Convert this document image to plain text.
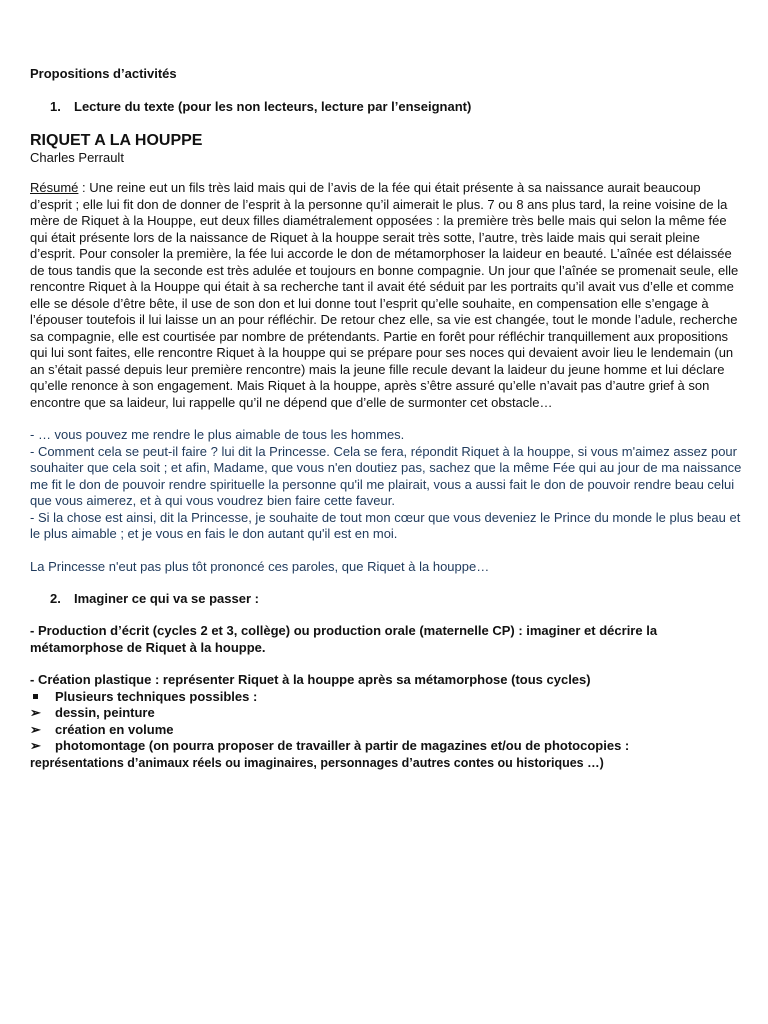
Propositions d’activités

1. Lecture du texte (pour les non lecteurs, lecture par l’enseignant)

RIQUET A LA HOUPPE

Charles Perrault

Résumé : Une reine eut un fils très laid mais qui de l’avis de la fée qui était présente à sa naissance aurait beaucoup d’esprit ; elle lui fit don de donner de l’esprit à la personne qu’il aimerait le plus. 7 ou 8 ans plus tard, la reine voisine de la mère de Riquet à la Houppe, eut deux filles diamétralement opposées : la première très belle mais qui selon la même fée qui était présente lors de la naissance de Riquet à la houppe serait très sotte, l’autre, très laide mais qui serait pleine d’esprit. Pour consoler la première, la fée lui accorde le don de métamorphoser la laideur en beauté. L’aînée est délaissée de tous tandis que la seconde est très adulée et toujours en bonne compagnie. Un jour que l’aînée se promenait seule, elle rencontre Riquet à la Houppe qui était à sa recherche tant il avait été séduit par les portraits qu’il avait vus d’elle et comme elle se désole d’être bête, il use de son don et lui donne tout l’esprit qu’elle souhaite, en compensation elle s’engage à l’épouser toutefois il lui laisse un an pour réfléchir. De retour chez elle, sa vie est changée, tout le monde l’adule, recherche sa compagnie, elle est courtisée par nombre de prétendants. Partie en forêt pour réfléchir tranquillement aux propositions qui lui sont faites, elle rencontre Riquet à la houppe qui se prépare pour ses noces qui devaient avoir lieu le lendemain (un an s’était passé depuis leur première rencontre) mais la jeune fille recule devant la laideur du jeune homme et lui déclare qu’elle renonce à son engagement. Mais Riquet à la houppe, après s’être assuré qu’elle n’avait pas d’autre grief à son encontre que sa laideur, lui rappelle qu’il ne dépend que d’elle de surmonter cet obstacle…

- … vous pouvez me rendre le plus aimable de tous les hommes.

- Comment cela se peut-il faire ? lui dit la Princesse. Cela se fera, répondit Riquet à la houppe, si vous m'aimez assez pour souhaiter que cela soit ; et afin, Madame, que vous n'en doutiez pas, sachez que la même Fée qui au jour de ma naissance me fit le don de pouvoir rendre spirituelle la personne qu'il me plairait, vous a aussi fait le don de pouvoir rendre beau celui que vous aimerez, et à qui vous voudrez bien faire cette faveur.

- Si la chose est ainsi, dit la Princesse, je souhaite de tout mon cœur que vous deveniez le Prince du monde le plus beau et le plus aimable ; et je vous en fais le don autant qu'il est en moi.

La Princesse n'eut pas plus tôt prononcé ces paroles, que Riquet à la houppe…

2. Imaginer ce qui va se passer :

- Production d’écrit (cycles 2 et 3, collège) ou production orale (maternelle CP) : imaginer et décrire la métamorphose de Riquet à la houppe.

- Création plastique : représenter Riquet à la houppe après sa métamorphose (tous cycles)

Plusieurs techniques possibles :

➢	dessin, peinture

➢	création en volume

➢	photomontage (on pourra proposer de travailler à partir de magazines et/ou de photocopies :

représentations d’animaux réels ou imaginaires, personnages d’autres contes ou historiques …)
